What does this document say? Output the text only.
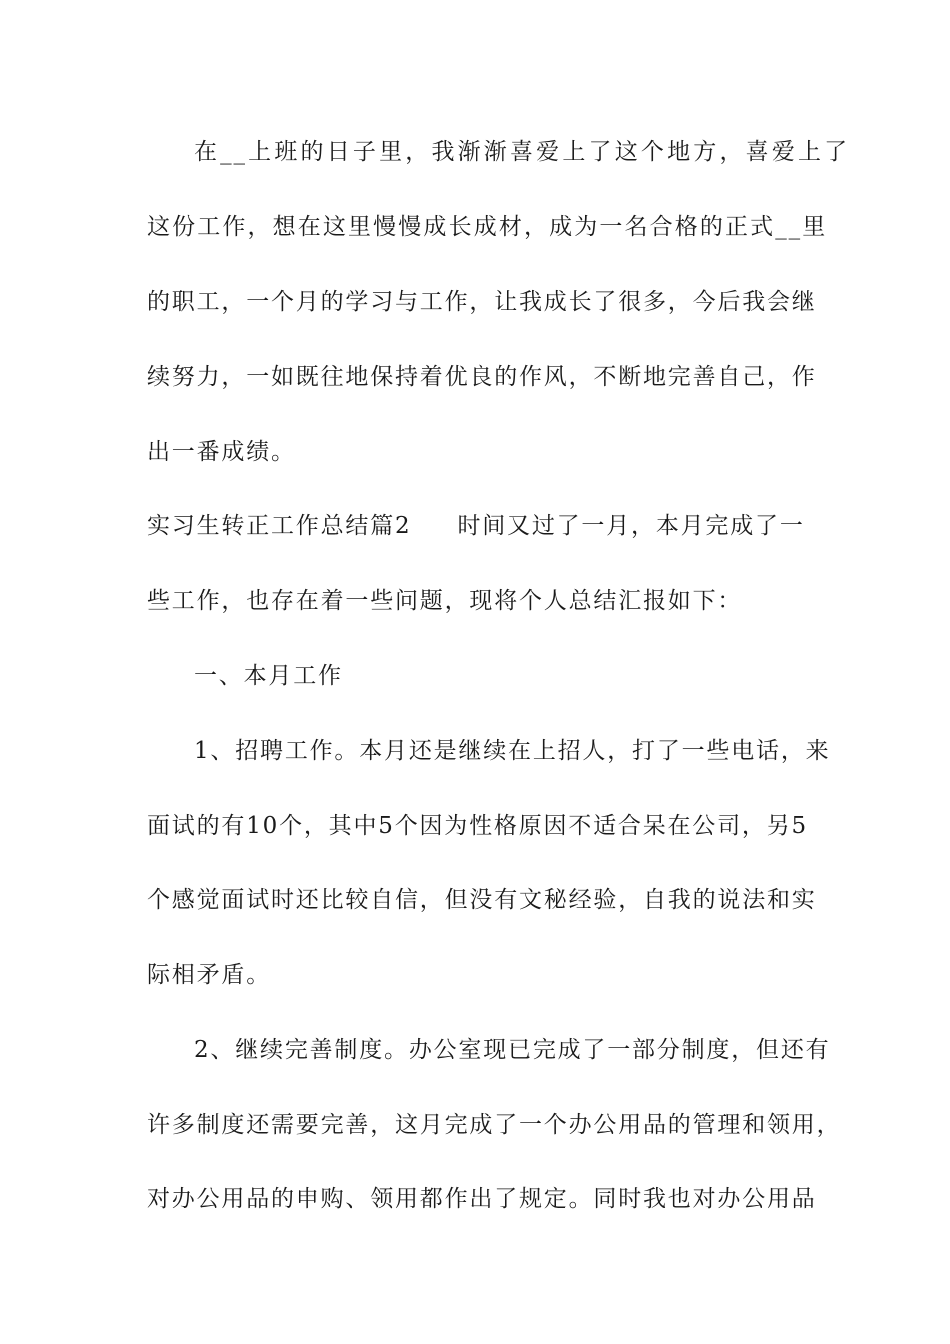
在__上班的日子里，我渐渐喜爱上了这个地方，喜爱上了
这份工作，想在这里慢慢成长成材，成为一名合格的正式__里
的职工，一个月的学习与工作，让我成长了很多，今后我会继
续努力，一如既往地保持着优良的作风，不断地完善自己，作
出一番成绩。
实习生转正工作总结篇2 时间又过了一月，本月完成了一
些工作，也存在着一些问题，现将个人总结汇报如下：
一、本月工作
1、招聘工作。本月还是继续在上招人，打了一些电话，来
面试的有10个，其中5个因为性格原因不适合呆在公司，另5
个感觉面试时还比较自信，但没有文秘经验，自我的说法和实
际相矛盾。
2、继续完善制度。办公室现已完成了一部分制度，但还有
许多制度还需要完善，这月完成了一个办公用品的管理和领用，
对办公用品的申购、领用都作出了规定。同时我也对办公用品
